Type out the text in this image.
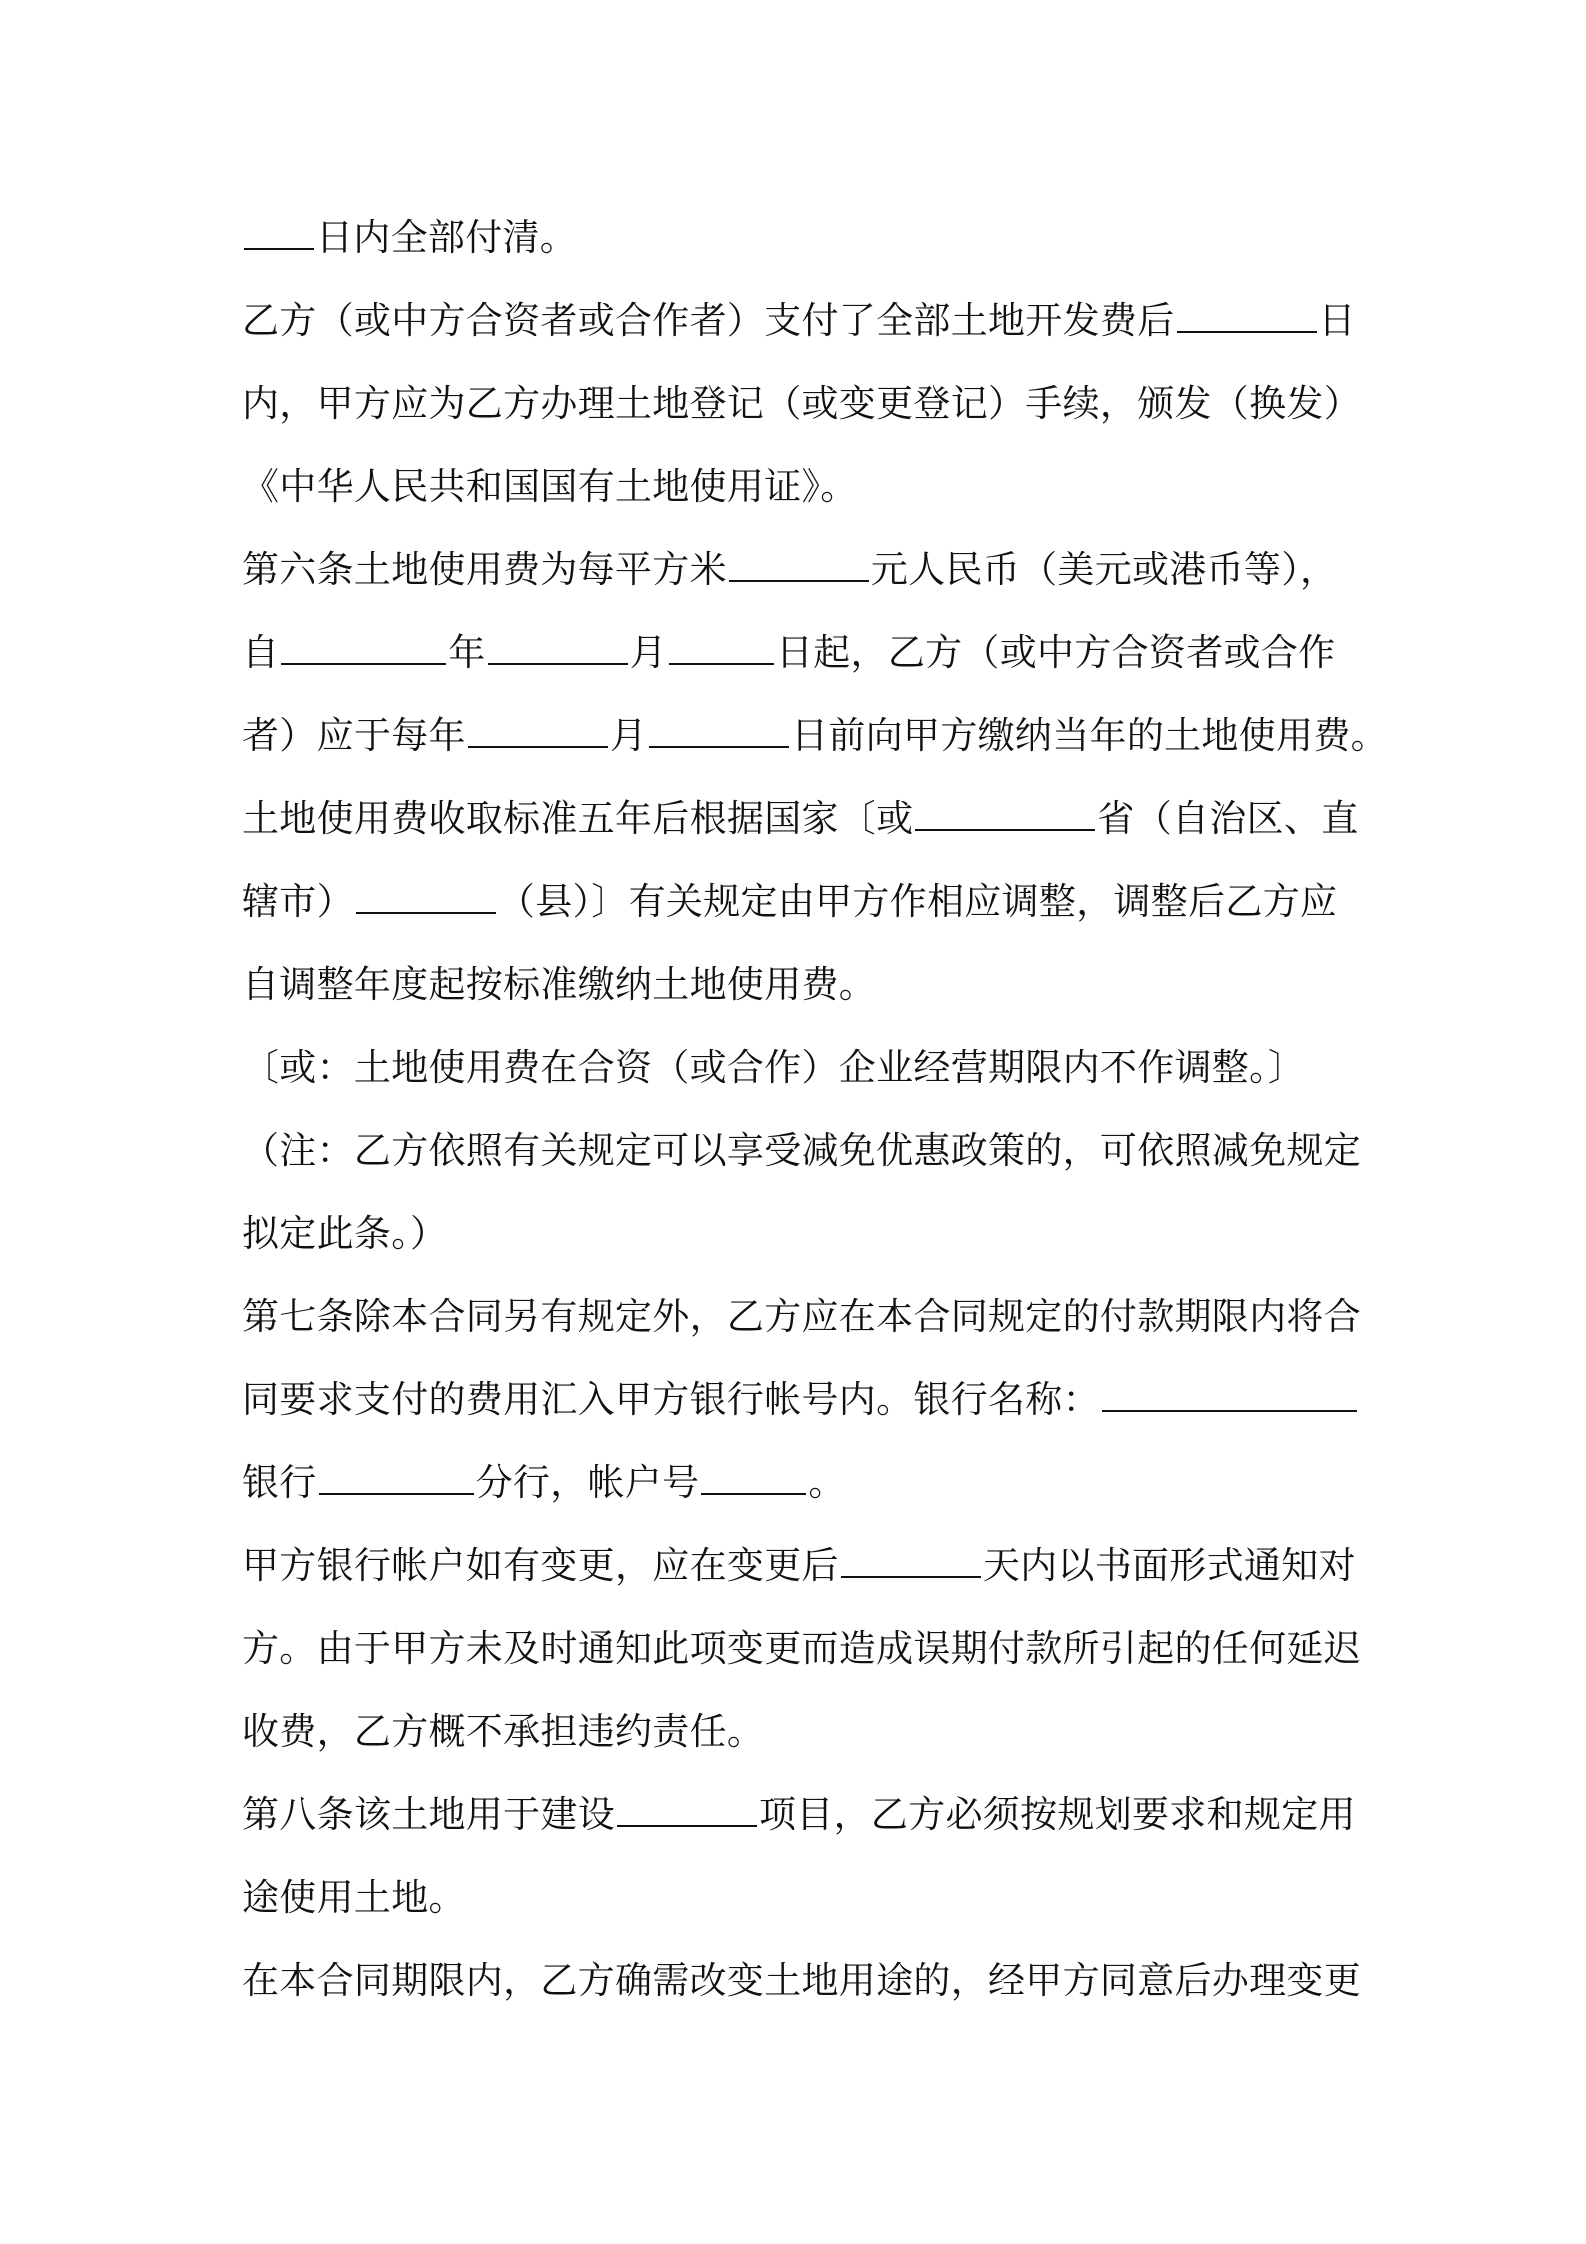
日内全部付清。
乙方（或中方合资者或合作者）支付了全部土地开发费后	日
内，甲方应为乙方办理土地登记（或变更登记）手续，颁发（换发）
《中华人民共和国国有土地使用证》。
第六条土地使用费为每平方米	元人民币（美元或港币等），
自	年	月	日起，乙方（或中方合资者或合作
者）应于每年	月	日前向甲方缴纳当年的土地使用费。
土地使用费收取标准五年后根据国家〔或	省（自治区、直
辖市）	（县）〕有关规定由甲方作相应调整，调整后乙方应
自调整年度起按标准缴纳土地使用费。
〔或：土地使用费在合资（或合作）企业经营期限内不作调整。〕
（注：乙方依照有关规定可以享受减免优惠政策的，可依照减免规定
拟定此条。）
第七条除本合同另有规定外，乙方应在本合同规定的付款期限内将合
同要求支付的费用汇入甲方银行帐号内。银行名称：
银行	分行，帐户号	。
甲方银行帐户如有变更，应在变更后	天内以书面形式通知对
方。由于甲方未及时通知此项变更而造成误期付款所引起的任何延迟
收费，乙方概不承担违约责任。
第八条该土地用于建设	项目，乙方必须按规划要求和规定用
途使用土地。
在本合同期限内，乙方确需改变土地用途的，经甲方同意后办理变更
